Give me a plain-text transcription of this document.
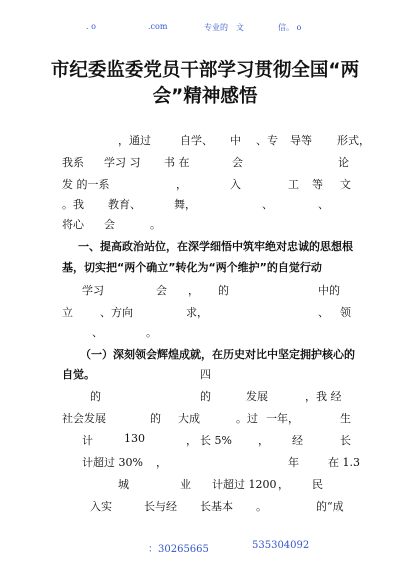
. o	.com	专业的　文	信。 o
市纪委监委党员干部学习贯彻全国“两
会”精神感悟
，通过	自学、 中 、专 导等 形式，
我系 学习 习 书 在	会	论
发 的一系	，	入	工 等 文
。我 教育、	舞，	、	、
将心 会	。
一、提高政治站位，在深学细悟中筑牢绝对忠诚的思想根
基，切实把“两个确立”转化为“两个维护”的自觉行动
学习	会 ， 的	中的
立 、方向	求，	、 领
、	。
（一）深刻领会辉煌成就，在历史对比中坚定拥护核心的
自觉。	四
的	的	发展	，我 经
社会发展	的 大成	。过 一年，	生
计	130	， 长 5% ， 经	长
计超过 30% ，	年	在 1.3
城	业 计超过 1200 ， 民
入实	长与经 长基本 。	的“成
：30265665	535304092
